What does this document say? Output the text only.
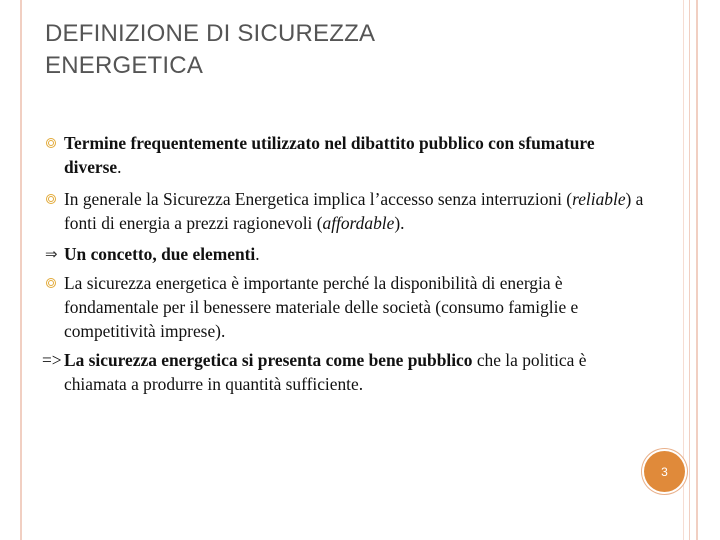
DEFINIZIONE DI SICUREZZA
ENERGETICA
Termine frequentemente utilizzato nel dibattito pubblico con sfumature diverse.
In generale la Sicurezza Energetica implica l’accesso senza interruzioni (reliable) a fonti di energia a prezzi ragionevoli (affordable).
⇒ Un concetto, due elementi.
La sicurezza energetica è importante perché la disponibilità di energia è fondamentale per il benessere materiale delle società (consumo famiglie e competitività imprese).
=> La sicurezza energetica si presenta come bene pubblico che la politica è chiamata a produrre in quantità sufficiente.
3
